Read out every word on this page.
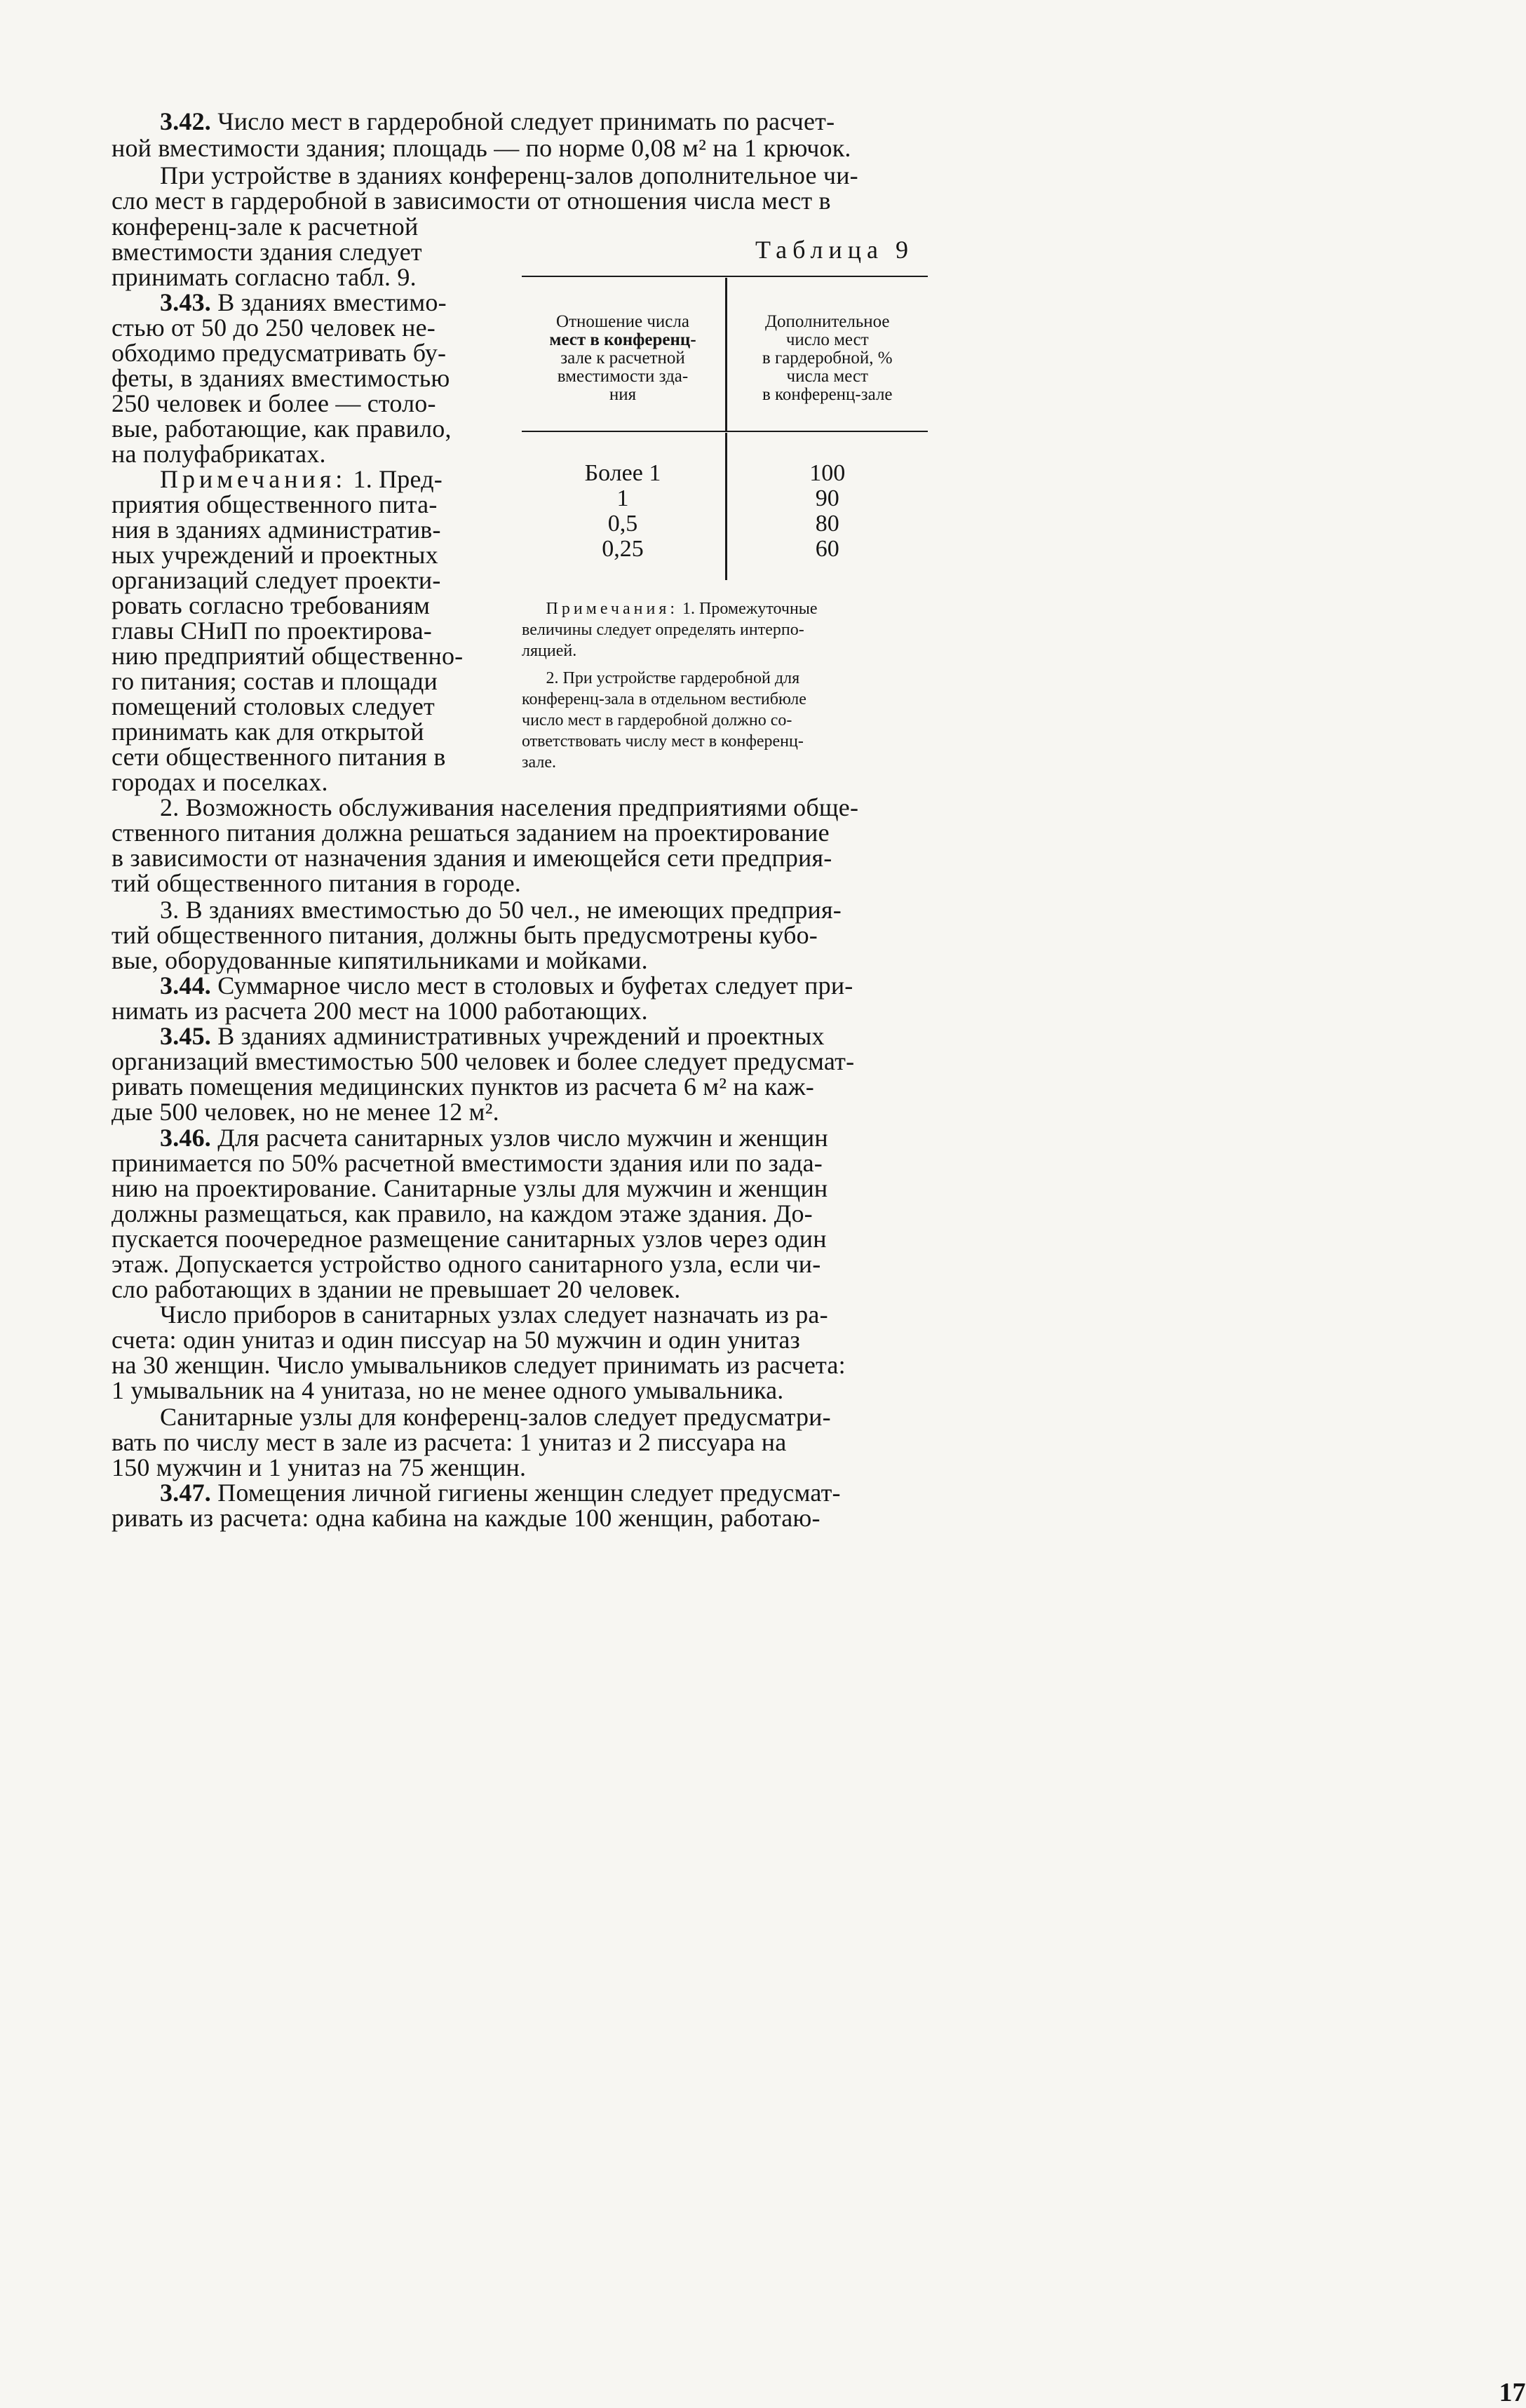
3.42. Число мест в гардеробной следует принимать по расчет-
ной вместимости здания; площадь — по норме 0,08 м² на 1 крючок.
При устройстве в зданиях конференц-залов дополнительное чи-
сло мест в гардеробной в зависимости от отношения числа мест в
конференц-зале к расчетной
вместимости здания следует
принимать согласно табл. 9.
3.43. В зданиях вместимо-
стью от 50 до 250 человек не-
обходимо предусматривать бу-
феты, в зданиях вместимостью
250 человек и более — столо-
вые, работающие, как правило,
на полуфабрикатах.
Примечания: 1. Пред-
приятия общественного пита-
ния в зданиях административ-
ных учреждений и проектных
организаций следует проекти-
ровать согласно требованиям
главы СНиП по проектирова-
нию предприятий общественно-
го питания; состав и площади
помещений столовых следует
принимать как для открытой
сети общественного питания в
городах и поселках.
Таблица 9
Отношение числа
мест в конференц-
зале к расчетной
вместимости зда-
ния
Дополнительное
число мест
в гардеробной, %
числа мест
в конференц-зале
Более 1	100
1	90
0,5	80
0,25	60
Примечания: 1. Промежуточные
величины следует определять интерпо-
ляцией.
2. При устройстве гардеробной для
конференц-зала в отдельном вестибюле
число мест в гардеробной должно со-
ответствовать числу мест в конференц-
зале.
2. Возможность обслуживания населения предприятиями обще-
ственного питания должна решаться заданием на проектирование
в зависимости от назначения здания и имеющейся сети предприя-
тий общественного питания в городе.
3. В зданиях вместимостью до 50 чел., не имеющих предприя-
тий общественного питания, должны быть предусмотрены кубо-
вые, оборудованные кипятильниками и мойками.
3.44. Суммарное число мест в столовых и буфетах следует при-
нимать из расчета 200 мест на 1000 работающих.
3.45. В зданиях административных учреждений и проектных
организаций вместимостью 500 человек и более следует предусмат-
ривать помещения медицинских пунктов из расчета 6 м² на каж-
дые 500 человек, но не менее 12 м².
3.46. Для расчета санитарных узлов число мужчин и женщин
принимается по 50% расчетной вместимости здания или по зада-
нию на проектирование. Санитарные узлы для мужчин и женщин
должны размещаться, как правило, на каждом этаже здания. До-
пускается поочередное размещение санитарных узлов через один
этаж. Допускается устройство одного санитарного узла, если чи-
сло работающих в здании не превышает 20 человек.
Число приборов в санитарных узлах следует назначать из ра-
счета: один унитаз и один писсуар на 50 мужчин и один унитаз
на 30 женщин. Число умывальников следует принимать из расчета:
1 умывальник на 4 унитаза, но не менее одного умывальника.
Санитарные узлы для конференц-залов следует предусматри-
вать по числу мест в зале из расчета: 1 унитаз и 2 писсуара на
150 мужчин и 1 унитаз на 75 женщин.
3.47. Помещения личной гигиены женщин следует предусмат-
ривать из расчета: одна кабина на каждые 100 женщин, работаю-
17
